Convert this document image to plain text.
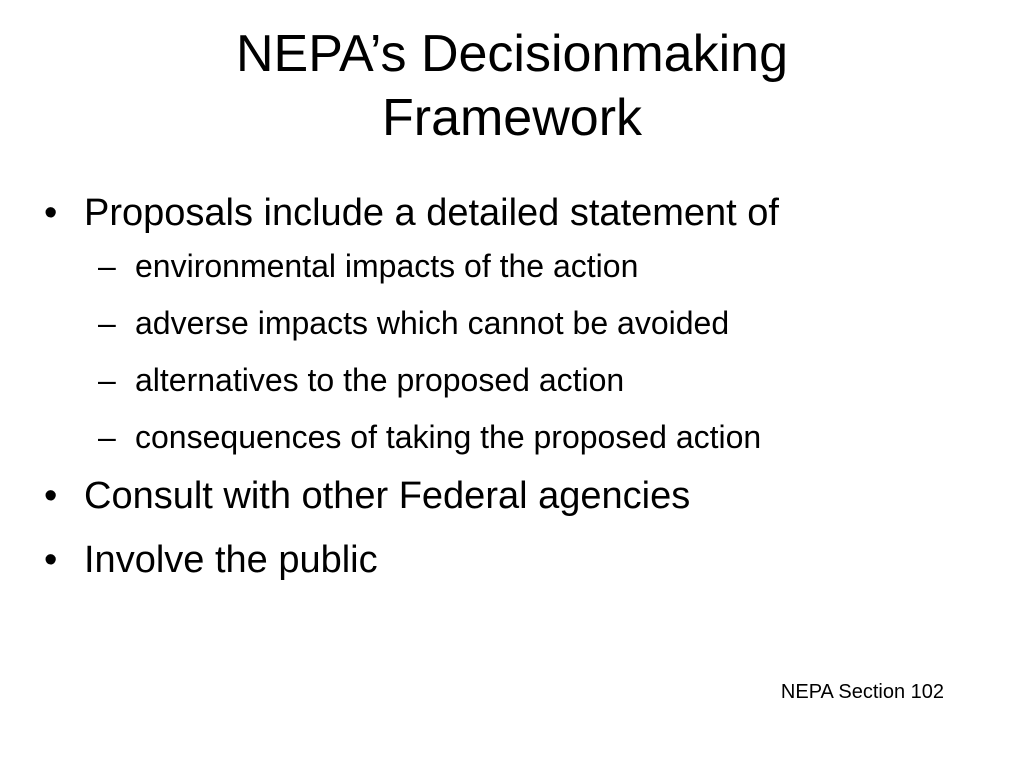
NEPA’s Decisionmaking
Framework
• Proposals include a detailed statement of
– environmental impacts of the action
– adverse impacts which cannot be avoided
– alternatives to the proposed action
– consequences of taking the proposed action
• Consult with other Federal agencies
• Involve the public
NEPA Section 102
